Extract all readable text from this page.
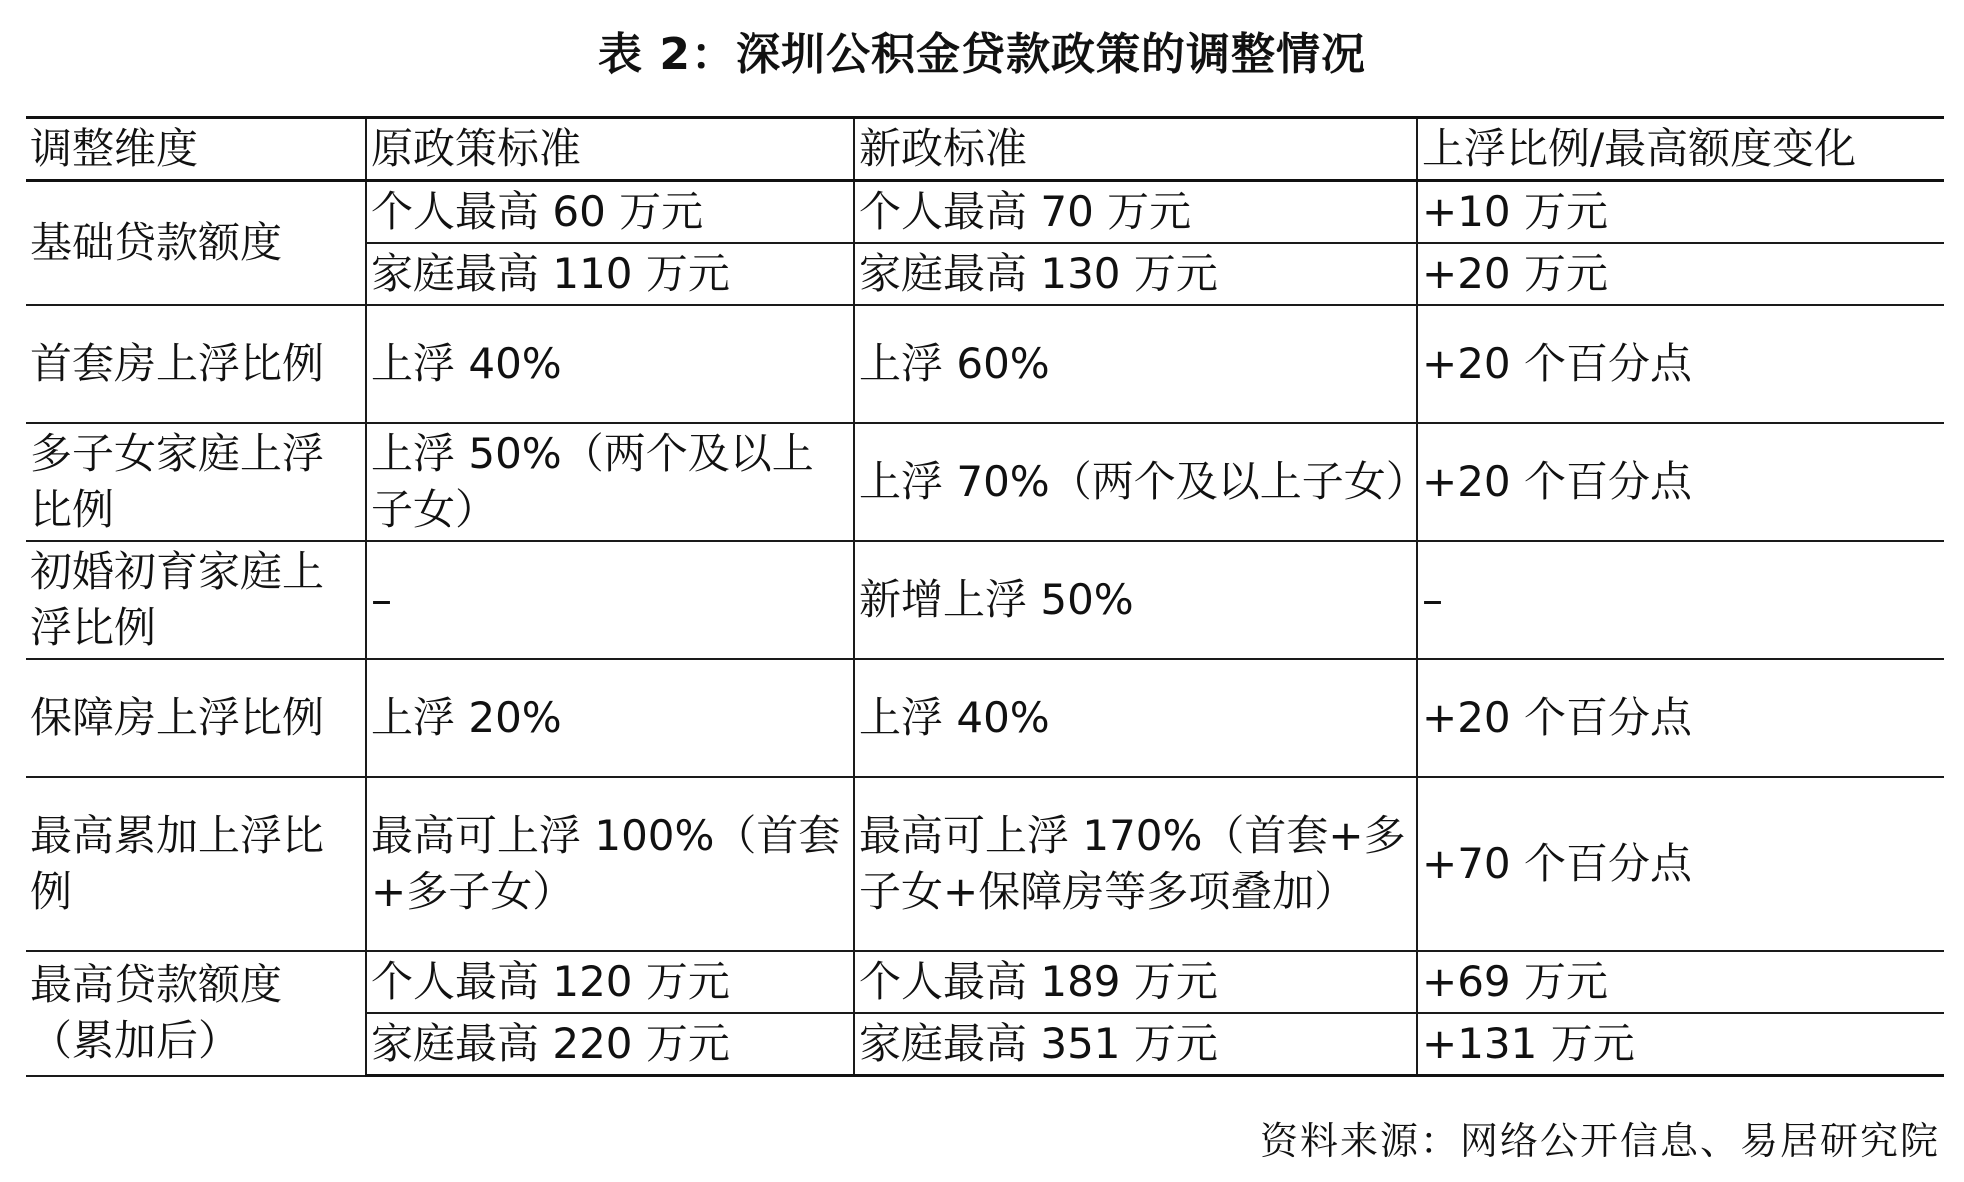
表 2：深圳公积金贷款政策的调整情况
调整维度	原政策标准	新政标准	上浮比例/最高额度变化
基础贷款额度	个人最高 60 万元	个人最高 70 万元	+10 万元
	家庭最高 110 万元	家庭最高 130 万元	+20 万元
首套房上浮比例	上浮 40%	上浮 60%	+20 个百分点
多子女家庭上浮比例	上浮 50%（两个及以上子女）	上浮 70%（两个及以上子女）	+20 个百分点
初婚初育家庭上浮比例	–	新增上浮 50%	–
保障房上浮比例	上浮 20%	上浮 40%	+20 个百分点
最高累加上浮比例	最高可上浮 100%（首套+多子女）	最高可上浮 170%（首套+多子女+保障房等多项叠加）	+70 个百分点
最高贷款额度（累加后）	个人最高 120 万元	个人最高 189 万元	+69 万元
	家庭最高 220 万元	家庭最高 351 万元	+131 万元
资料来源：网络公开信息、易居研究院
